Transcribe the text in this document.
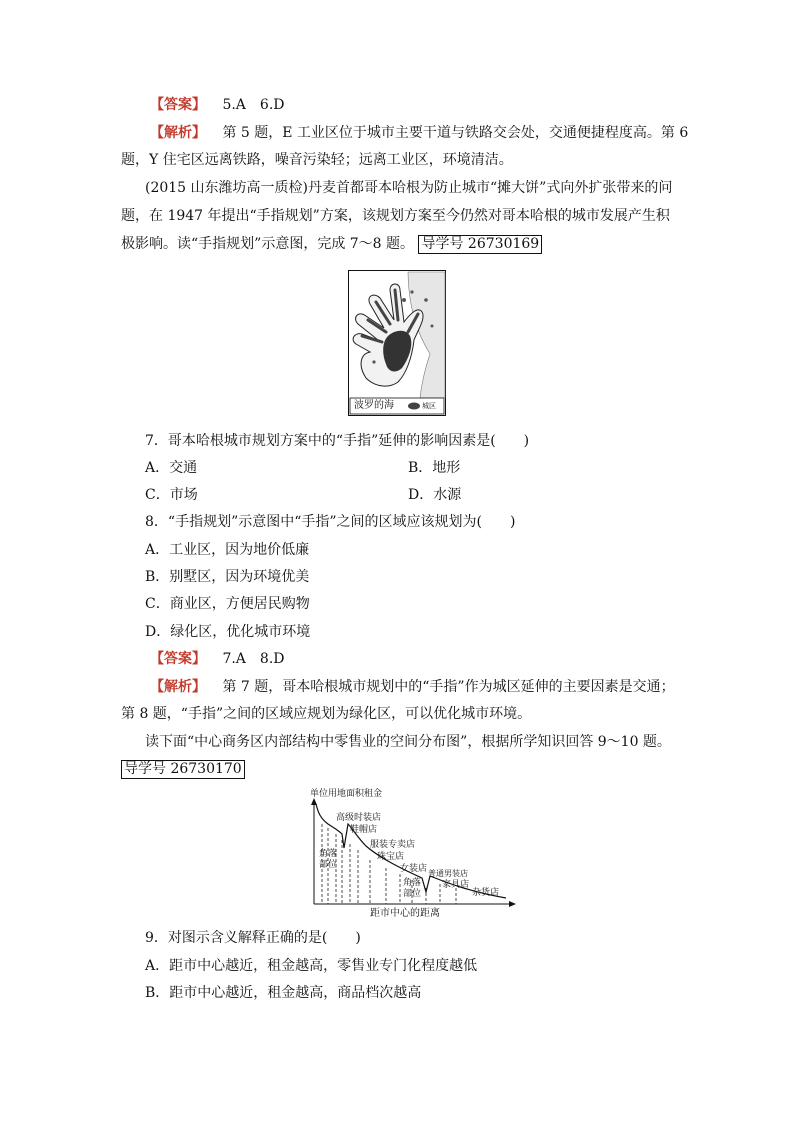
【答案】 5.A　6.D
【解析】 第 5 题，E 工业区位于城市主要干道与铁路交会处，交通便捷程度高。第 6
题，Y 住宅区远离铁路，噪音污染轻；远离工业区，环境清洁。
(2015 山东潍坊高一质检)丹麦首都哥本哈根为防止城市“摊大饼”式向外扩张带来的问
题，在 1947 年提出“手指规划”方案，该规划方案至今仍然对哥本哈根的城市发展产生积
极影响。读“手指规划”示意图，完成 7～8 题。 导学号 26730169
波罗的海	城区
7．哥本哈根城市规划方案中的“手指”延伸的影响因素是(　　)
A．交通	B．地形
C．市场	D．水源
8．“手指规划”示意图中“手指”之间的区域应该规划为(　　)
A．工业区，因为地价低廉
B．别墅区，因为环境优美
C．商业区，方便居民购物
D．绿化区，优化城市环境
【答案】 7.A　8.D
【解析】 第 7 题，哥本哈根城市规划中的“手指”作为城区延伸的主要因素是交通；
第 8 题，“手指”之间的区域应规划为绿化区，可以优化城市环境。
读下面“中心商务区内部结构中零售业的空间分布图”，根据所学知识回答 9～10 题。
导学号 26730170
单位用地面积租金
高级时装店
鞋帽店
服装专卖店
珠宝店
女装店
角落部位
角落部位
普通男装店
家具店
杂货店
距市中心的距离
9．对图示含义解释正确的是(　　)
A．距市中心越近，租金越高，零售业专门化程度越低
B．距市中心越近，租金越高，商品档次越高
